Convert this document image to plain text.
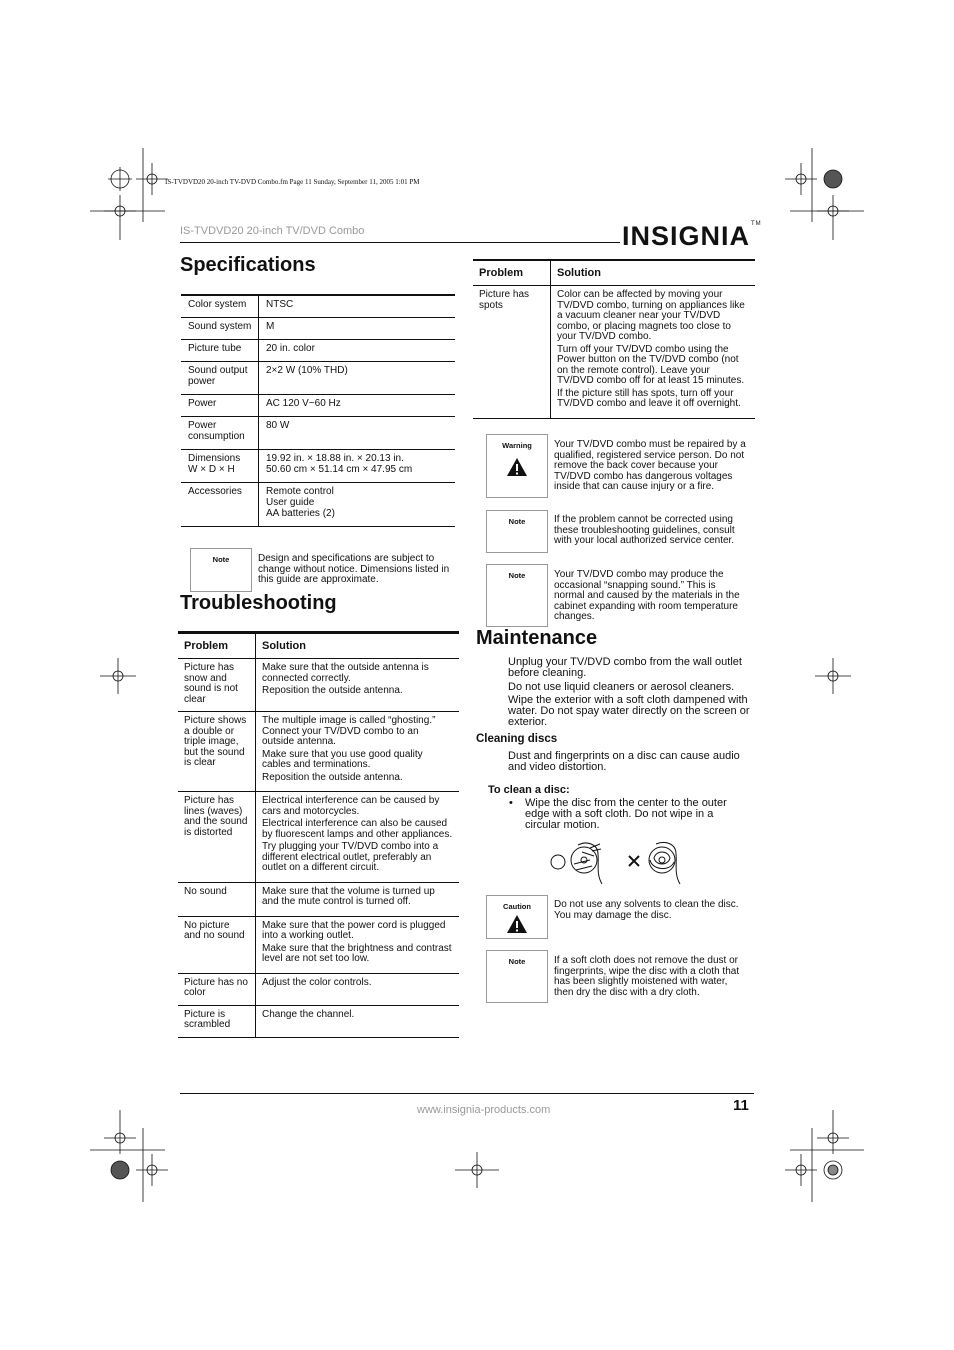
IS-TVDVD20 20-inch TV-DVD Combo.fm Page 11 Sunday, September 11, 2005 1:01 PM
IS-TVDVD20 20-inch TV/DVD Combo	INSIGNIA™
Specifications
Color system	NTSC

Sound system	M

Picture tube	20 in. color

Sound output power	2×2 W (10% THD)

Power	AC 120 V~60 Hz

Power consumption	80 W

Dimensions W × D × H	19.92 in. × 18.88 in. × 20.13 in.
50.60 cm × 51.14 cm × 47.95 cm

Accessories	Remote control
User guide
AA batteries (2)
Note	Design and specifications are subject to change without notice. Dimensions listed in this guide are approximate.
Troubleshooting
Problem	Solution
Picture has snow and sound is not clear	Make sure that the outside antenna is connected correctly.

Reposition the outside antenna.

Picture shows a double or triple image, but the sound is clear	The multiple image is called “ghosting.” Connect your TV/DVD combo to an outside antenna.

Make sure that you use good quality cables and terminations.

Reposition the outside antenna.

Picture has lines (waves) and the sound is distorted	Electrical interference can be caused by cars and motorcycles.

Electrical interference can also be caused by fluorescent lamps and other appliances.

Try plugging your TV/DVD combo into a different electrical outlet, preferably an outlet on a different circuit.

No sound	Make sure that the volume is turned up and the mute control is turned off.

No picture and no sound	Make sure that the power cord is plugged into a working outlet.

Make sure that the brightness and contrast level are not set too low.

Picture has no color	Adjust the color controls.

Picture is scrambled	Change the channel.

Problem	Solution
Picture has spots	Color can be affected by moving your TV/DVD combo, turning on appliances like a vacuum cleaner near your TV/DVD combo, or placing magnets too close to your TV/DVD combo.

Turn off your TV/DVD combo using the Power button on the TV/DVD combo (not on the remote control). Leave your TV/DVD combo off for at least 15 minutes.

If the picture still has spots, turn off your TV/DVD combo and leave it off overnight.

Warning	Your TV/DVD combo must be repaired by a qualified, registered service person. Do not remove the back cover because your TV/DVD combo has dangerous voltages inside that can cause injury or a fire.
Note	If the problem cannot be corrected using these troubleshooting guidelines, consult with your local authorized service center.
Note	Your TV/DVD combo may produce the occasional “snapping sound.” This is normal and caused by the materials in the cabinet expanding with room temperature changes.
Maintenance
Unplug your TV/DVD combo from the wall outlet before cleaning.
Do not use liquid cleaners or aerosol cleaners.
Wipe the exterior with a soft cloth dampened with water. Do not spay water directly on the screen or exterior.
Cleaning discs
Dust and fingerprints on a disc can cause audio and video distortion.
To clean a disc:
• Wipe the disc from the center to the outer edge with a soft cloth. Do not wipe in a circular motion.
Caution	Do not use any solvents to clean the disc. You may damage the disc.
Note	If a soft cloth does not remove the dust or fingerprints, wipe the disc with a cloth that has been slightly moistened with water, then dry the disc with a dry cloth.
www.insignia-products.com	11
